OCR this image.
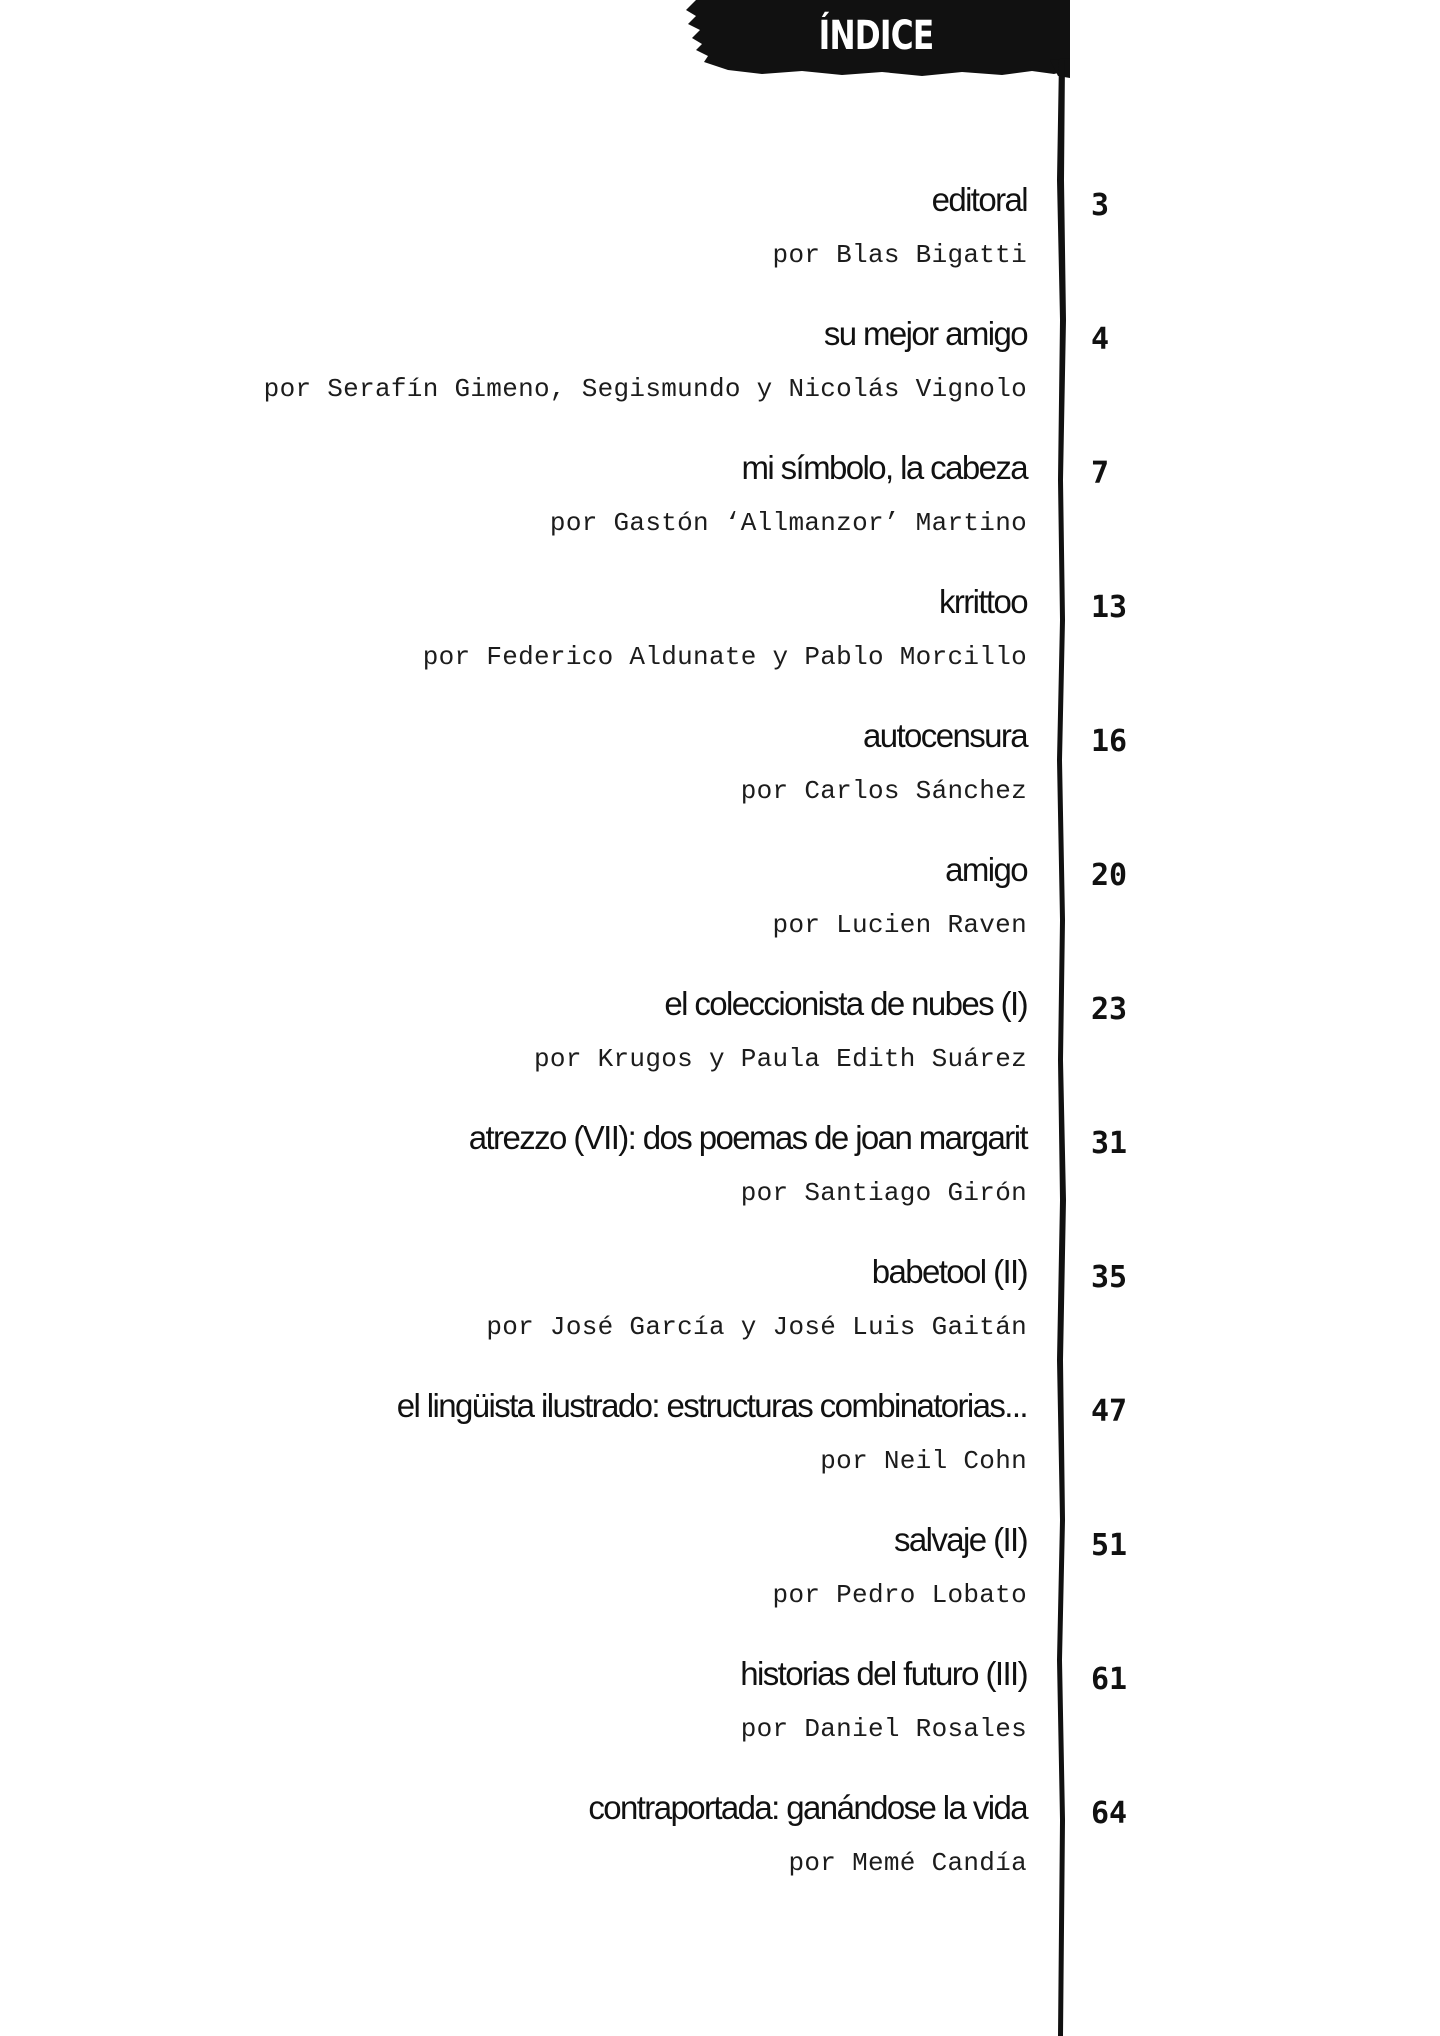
ÍNDICE
editoral
por Blas Bigatti
3
su mejor amigo
por Serafín Gimeno, Segismundo y Nicolás Vignolo
4
mi símbolo, la cabeza
por Gastón ‘Allmanzor’ Martino
7
krrittoo
por Federico Aldunate y Pablo Morcillo
13
autocensura
por Carlos Sánchez
16
amigo
por Lucien Raven
20
el coleccionista de nubes (I)
por Krugos y Paula Edith Suárez
23
atrezzo (VII): dos poemas de joan margarit
por Santiago Girón
31
babetool (II)
por José García y José Luis Gaitán
35
el lingüista ilustrado: estructuras combinatorias...
por Neil Cohn
47
salvaje (II)
por Pedro Lobato
51
historias del futuro (III)
por Daniel Rosales
61
contraportada: ganándose la vida
por Memé Candía
64
